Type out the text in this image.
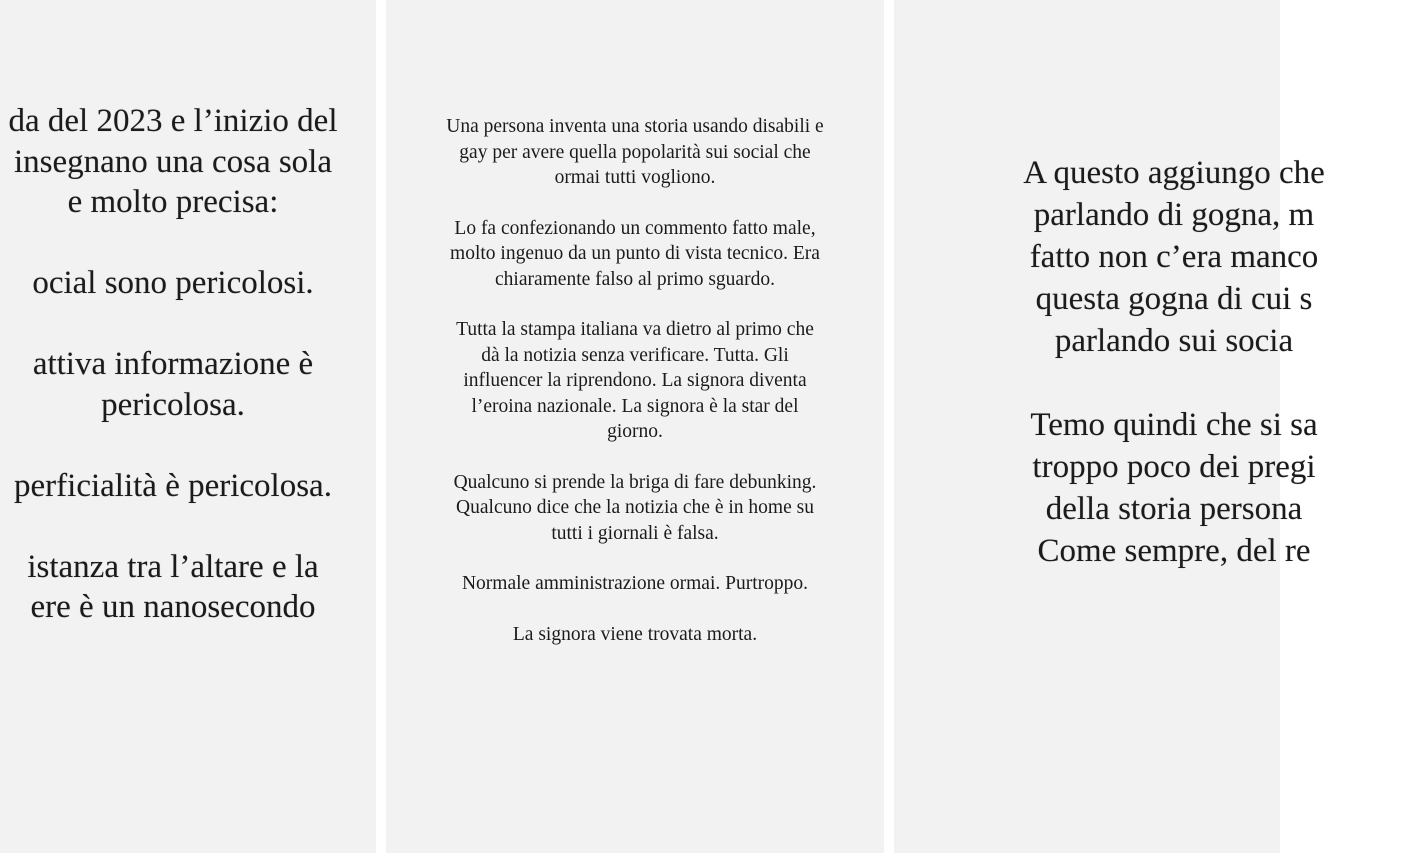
da del 2023 e l’inizio del
insegnano una cosa sola
e molto precisa:
ocial sono pericolosi.
attiva informazione è
pericolosa.
perficialità è pericolosa.
istanza tra l’altare e la
ere è un nanosecondo
Una persona inventa una storia usando disabili e
gay per avere quella popolarità sui social che
ormai tutti vogliono.
Lo fa confezionando un commento fatto male,
molto ingenuo da un punto di vista tecnico. Era
chiaramente falso al primo sguardo.
Tutta la stampa italiana va dietro al primo che
dà la notizia senza verificare. Tutta. Gli
influencer la riprendono. La signora diventa
l’eroina nazionale. La signora è la star del
giorno.
Qualcuno si prende la briga di fare debunking.
Qualcuno dice che la notizia che è in home su
tutti i giornali è falsa.
Normale amministrazione ormai. Purtroppo.
La signora viene trovata morta.
A questo aggiungo che
parlando di gogna, m
fatto non c’era manco
questa gogna di cui s
parlando sui socia
Temo quindi che si sa
troppo poco dei pregi
della storia persona
Come sempre, del re
